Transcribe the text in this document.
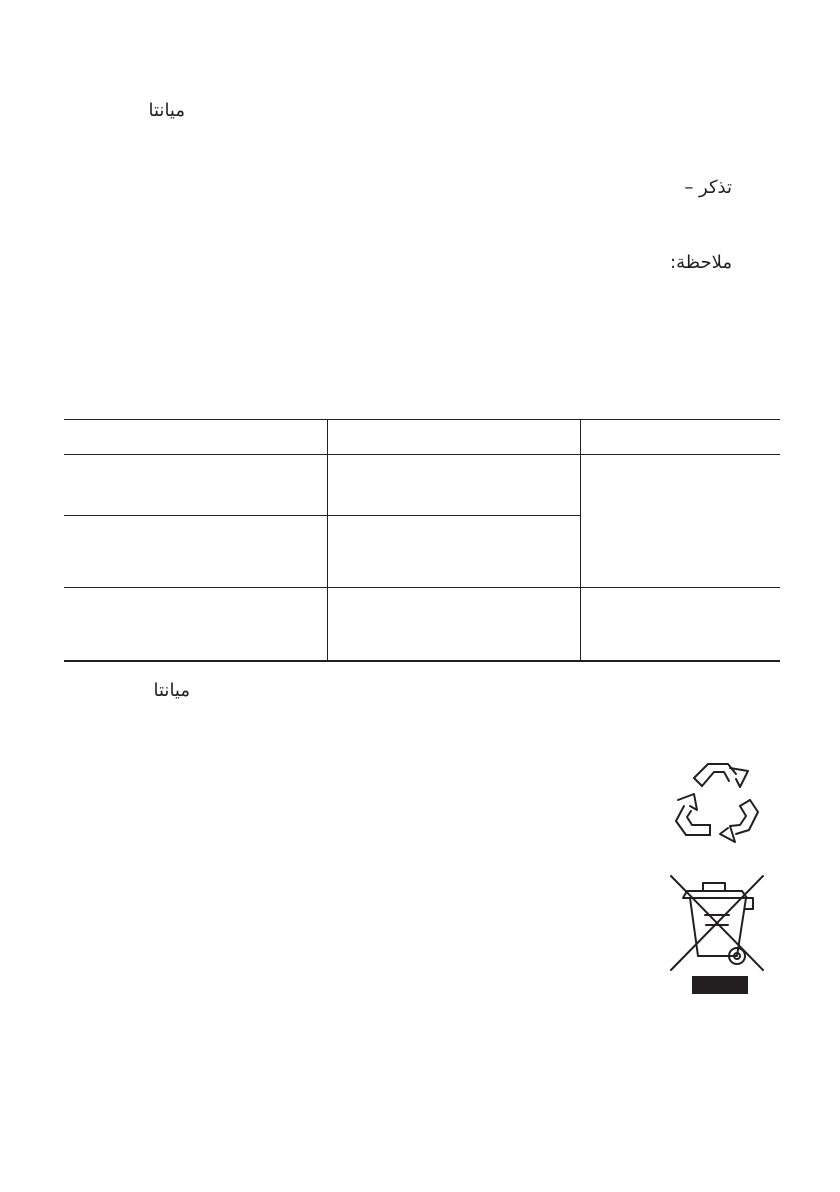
ميانتا
تذكر –
ملاحظة:
ميانتا
